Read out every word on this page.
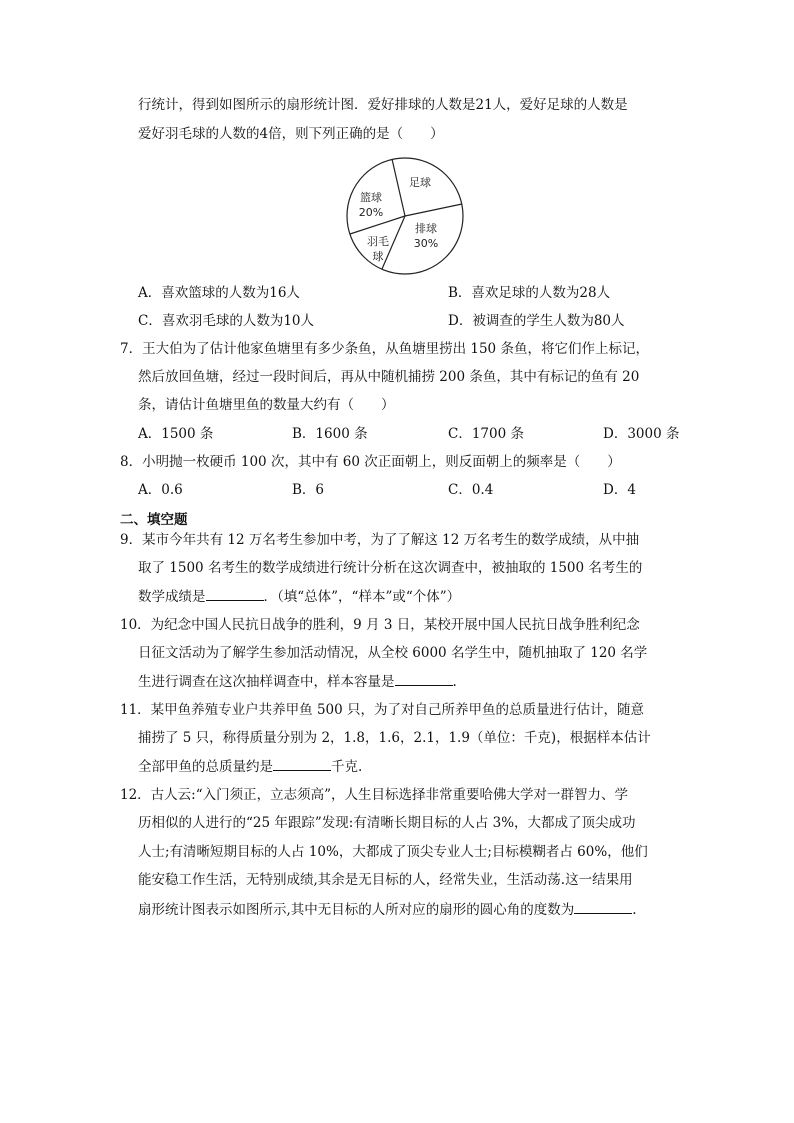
行统计，得到如图所示的扇形统计图．爱好排球的人数是21人，爱好足球的人数是
爱好羽毛球的人数的4倍，则下列正确的是（　　）
足球
排球
30%
羽毛
球
篮球
20%
A．喜欢篮球的人数为16人	B．喜欢足球的人数为28人
C．喜欢羽毛球的人数为10人	D．被调查的学生人数为80人
7．王大伯为了估计他家鱼塘里有多少条鱼，从鱼塘里捞出 150 条鱼，将它们作上标记，
然后放回鱼塘，经过一段时间后，再从中随机捕捞 200 条鱼，其中有标记的鱼有 20
条，请估计鱼塘里鱼的数量大约有（　　）
A．1500 条	B．1600 条	C．1700 条	D．3000 条
8．小明抛一枚硬币 100 次，其中有 60 次正面朝上，则反面朝上的频率是（　　）
A．0.6	B．6	C．0.4	D．4
二、填空题
9．某市今年共有 12 万名考生参加中考，为了了解这 12 万名考生的数学成绩，从中抽
取了 1500 名考生的数学成绩进行统计分析在这次调查中，被抽取的 1500 名考生的
数学成绩是	．（填“总体”，“样本”或“个体”）
10．为纪念中国人民抗日战争的胜利，9 月 3 日，某校开展中国人民抗日战争胜利纪念
日征文活动为了解学生参加活动情况，从全校 6000 名学生中，随机抽取了 120 名学
生进行调查在这次抽样调查中，样本容量是	.
11．某甲鱼养殖专业户共养甲鱼 500 只，为了对自己所养甲鱼的总质量进行估计，随意
捕捞了 5 只，称得质量分别为 2，1.8，1.6，2.1，1.9（单位：千克)，根据样本估计
全部甲鱼的总质量约是	千克.
12．古人云:“入门须正，立志须高”，人生目标选择非常重要哈佛大学对一群智力、学
历相似的人进行的“25 年跟踪”发现:有清晰长期目标的人占 3%，大都成了顶尖成功
人士;有清晰短期目标的人占 10%，大都成了顶尖专业人士;目标模糊者占 60%，他们
能安稳工作生活，无特别成绩,其余是无目标的人，经常失业，生活动荡.这一结果用
扇形统计图表示如图所示,其中无目标的人所对应的扇形的圆心角的度数为	.
